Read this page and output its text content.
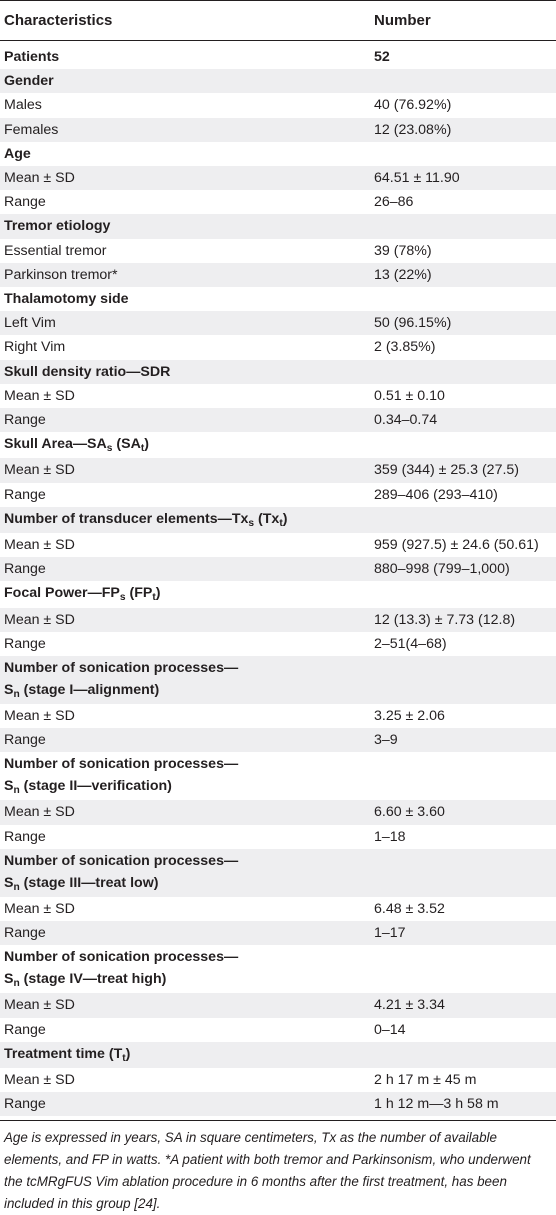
Characteristics	Number
Patients	52
Gender
Males	40 (76.92%)
Females	12 (23.08%)
Age
Mean ± SD	64.51 ± 11.90
Range	26–86
Tremor etiology
Essential tremor	39 (78%)
Parkinson tremor*	13 (22%)
Thalamotomy side
Left Vim	50 (96.15%)
Right Vim	2 (3.85%)
Skull density ratio—SDR
Mean ± SD	0.51 ± 0.10
Range	0.34–0.74
Skull $Area—SA_s$ $(SA_t)$
Mean ± SD	359 (344) ± 25.3 (27.5)
Range	289–406 (293–410)
Number of transducer $elements—Tx_s$ $(Tx_t)$
Mean ± SD	959 (927.5) ± 24.6 (50.61)
Range	880–998 (799–1,000)
Focal $Power—FP_s$ $(FP_t)$
Mean ± SD	12 (13.3) ± 7.73 (12.8)
Range	2–51(4–68)
Number of sonication processes—
$S_n$ (stage I—alignment)
Mean ± SD	3.25 ± 2.06
Range	3–9
Number of sonication processes—
$S_n$ (stage II—verification)
Mean ± SD	6.60 ± 3.60
Range	1–18
Number of sonication processes—
$S_n$ (stage III—treat low)
Mean ± SD	6.48 ± 3.52
Range	1–17
Number of sonication processes—
$S_n$ (stage IV—treat high)
Mean ± SD	4.21 ± 3.34
Range	0–14
Treatment time $(T_t)$
Mean ± SD	2 h 17 m ± 45 m
Range	1 h 12 m—3 h 58 m
Age is expressed in years, SA in square centimeters, Tx as the number of available elements, and FP in watts. *A patient with both tremor and Parkinsonism, who underwent the tcMRgFUS Vim ablation procedure in 6 months after the first treatment, has been included in this group [24].
